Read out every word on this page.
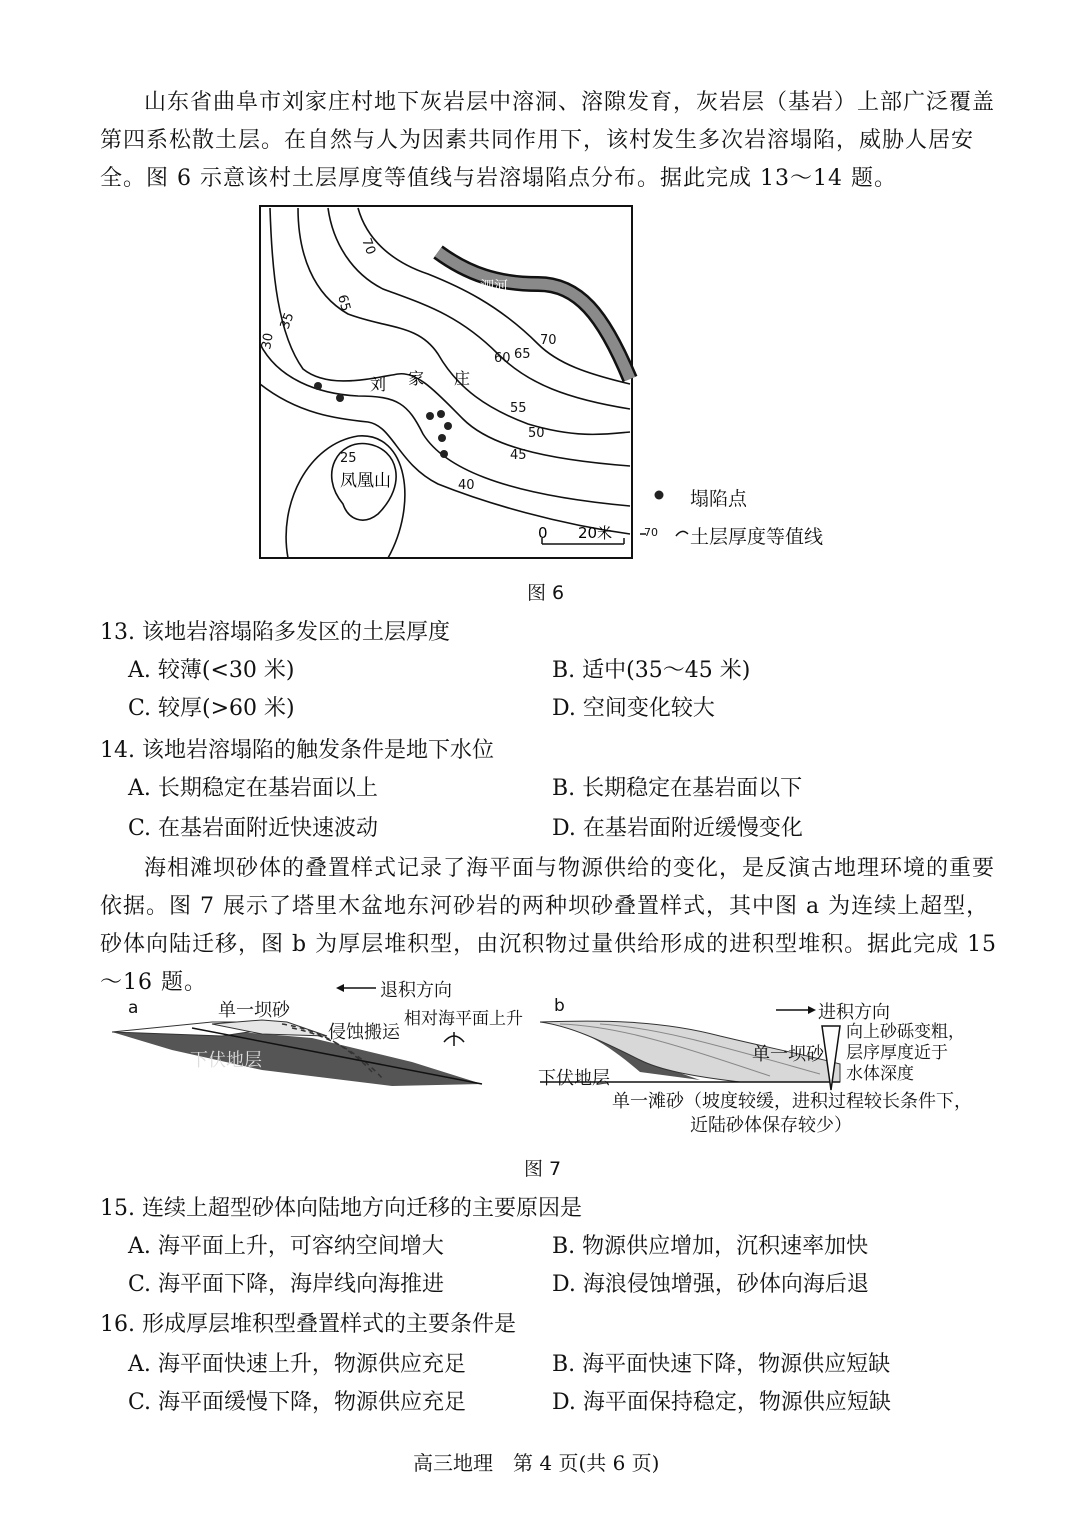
山东省曲阜市刘家庄村地下灰岩层中溶洞、溶隙发育，灰岩层（基岩）上部广泛覆盖第四系松散土层。在自然与人为因素共同作用下，该村发生多次岩溶塌陷，威胁人居安全。图 6 示意该村土层厚度等值线与岩溶塌陷点分布。据此完成 13～14 题。
70
65
35
30
60 65
70
55
50
45
40
25
泗河
刘 家 庄
凤凰山
0 20米
塌陷点
70 土层厚度等值线
图 6
13. 该地岩溶塌陷多发区的土层厚度
A. 较薄(<30 米)	B. 适中(35～45 米)
C. 较厚(>60 米)	D. 空间变化较大
14. 该地岩溶塌陷的触发条件是地下水位
A. 长期稳定在基岩面以上	B. 长期稳定在基岩面以下
C. 在基岩面附近快速波动	D. 在基岩面附近缓慢变化
海相滩坝砂体的叠置样式记录了海平面与物源供给的变化，是反演古地理环境的重要依据。图 7 展示了塔里木盆地东河砂岩的两种坝砂叠置样式，其中图 a 为连续上超型，砂体向陆迁移，图 b 为厚层堆积型，由沉积物过量供给形成的进积型堆积。据此完成 15～16 题。
a
退积方向
单一坝砂
侵蚀搬运
相对海平面上升
下伏地层
b	进积方向
向上砂砾变粗，
层序厚度近于
水体深度
单一坝砂
下伏地层
单一滩砂（坡度较缓，进积过程较长条件下，
近陆砂体保存较少）
图 7
15. 连续上超型砂体向陆地方向迁移的主要原因是
A. 海平面上升，可容纳空间增大	B. 物源供应增加，沉积速率加快
C. 海平面下降，海岸线向海推进	D. 海浪侵蚀增强，砂体向海后退
16. 形成厚层堆积型叠置样式的主要条件是
A. 海平面快速上升，物源供应充足	B. 海平面快速下降，物源供应短缺
C. 海平面缓慢下降，物源供应充足	D. 海平面保持稳定，物源供应短缺
高三地理　第 4 页(共 6 页)
